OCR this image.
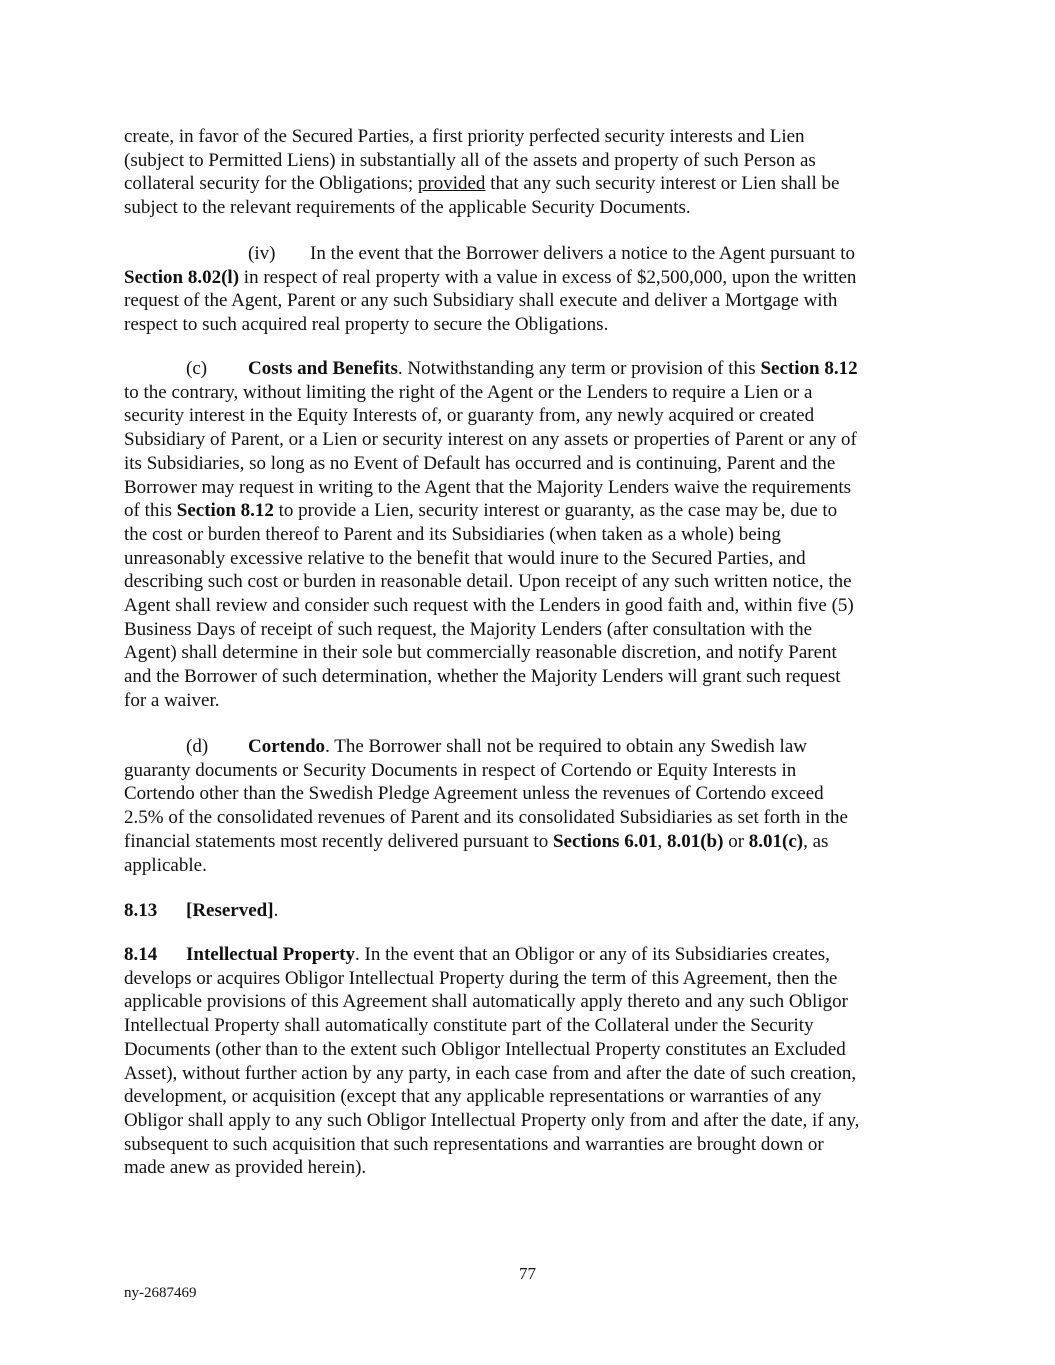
create, in favor of the Secured Parties, a first priority perfected security interests and Lien
(subject to Permitted Liens) in substantially all of the assets and property of such Person as
collateral security for the Obligations; provided that any such security interest or Lien shall be
subject to the relevant requirements of the applicable Security Documents.
(iv) In the event that the Borrower delivers a notice to the Agent pursuant to
Section 8.02(l) in respect of real property with a value in excess of $2,500,000, upon the written
request of the Agent, Parent or any such Subsidiary shall execute and deliver a Mortgage with
respect to such acquired real property to secure the Obligations.
(c) Costs and Benefits. Notwithstanding any term or provision of this Section 8.12
to the contrary, without limiting the right of the Agent or the Lenders to require a Lien or a
security interest in the Equity Interests of, or guaranty from, any newly acquired or created
Subsidiary of Parent, or a Lien or security interest on any assets or properties of Parent or any of
its Subsidiaries, so long as no Event of Default has occurred and is continuing, Parent and the
Borrower may request in writing to the Agent that the Majority Lenders waive the requirements
of this Section 8.12 to provide a Lien, security interest or guaranty, as the case may be, due to
the cost or burden thereof to Parent and its Subsidiaries (when taken as a whole) being
unreasonably excessive relative to the benefit that would inure to the Secured Parties, and
describing such cost or burden in reasonable detail. Upon receipt of any such written notice, the
Agent shall review and consider such request with the Lenders in good faith and, within five (5)
Business Days of receipt of such request, the Majority Lenders (after consultation with the
Agent) shall determine in their sole but commercially reasonable discretion, and notify Parent
and the Borrower of such determination, whether the Majority Lenders will grant such request
for a waiver.
(d) Cortendo. The Borrower shall not be required to obtain any Swedish law
guaranty documents or Security Documents in respect of Cortendo or Equity Interests in
Cortendo other than the Swedish Pledge Agreement unless the revenues of Cortendo exceed
2.5% of the consolidated revenues of Parent and its consolidated Subsidiaries as set forth in the
financial statements most recently delivered pursuant to Sections 6.01, 8.01(b) or 8.01(c), as
applicable.
8.13 [Reserved].
8.14 Intellectual Property. In the event that an Obligor or any of its Subsidiaries creates,
develops or acquires Obligor Intellectual Property during the term of this Agreement, then the
applicable provisions of this Agreement shall automatically apply thereto and any such Obligor
Intellectual Property shall automatically constitute part of the Collateral under the Security
Documents (other than to the extent such Obligor Intellectual Property constitutes an Excluded
Asset), without further action by any party, in each case from and after the date of such creation,
development, or acquisition (except that any applicable representations or warranties of any
Obligor shall apply to any such Obligor Intellectual Property only from and after the date, if any,
subsequent to such acquisition that such representations and warranties are brought down or
made anew as provided herein).
77
ny-2687469
